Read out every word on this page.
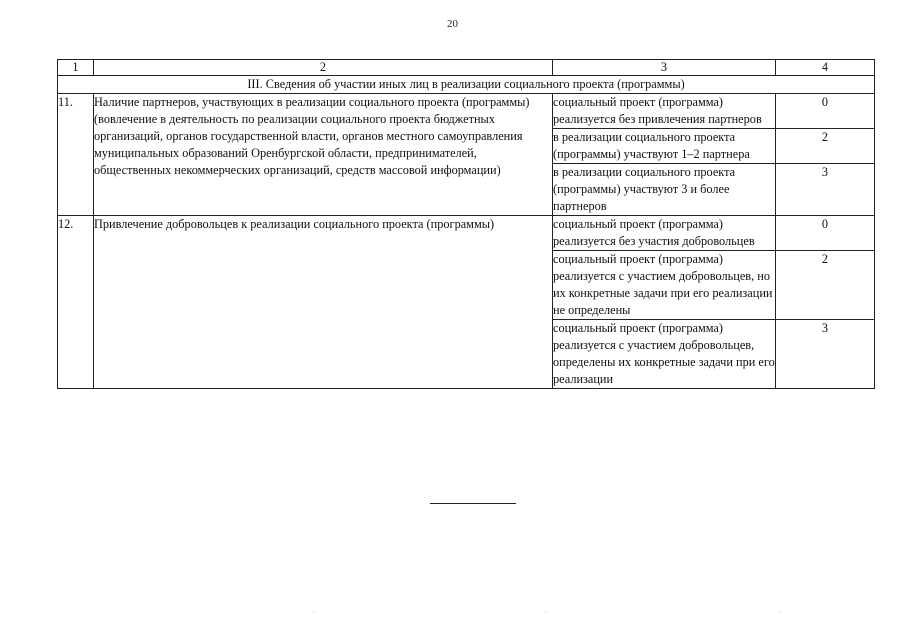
20
1	2	3	4
III. Сведения об участии иных лиц в реализации социального проекта (программы)			
11.	Наличие партнеров, участвующих в реализации социального проекта (программы) (вовлечение в деятельность по реализации социального проекта бюджетных организаций, органов государственной власти, органов местного самоуправления муниципальных образований Оренбургской области, предпринимателей, общественных некоммерческих организаций, средств массовой информации)	социальный проект (программа) реализуется без привлечения партнеров	0
		в реализации социального проекта (программы) участвуют 1–2 партнера	2
		в реализации социального проекта (программы) участвуют 3 и более партнеров	3
12.	Привлечение добровольцев к реализации социального проекта (программы)	социальный проект (программа) реализуется без участия добровольцев	0
		социальный проект (программа) реализуется с участием добровольцев, но их конкретные задачи при его реализации не определены	2
		социальный проект (программа) реализуется с участием добровольцев, определены их конкретные задачи при его реализации	3
